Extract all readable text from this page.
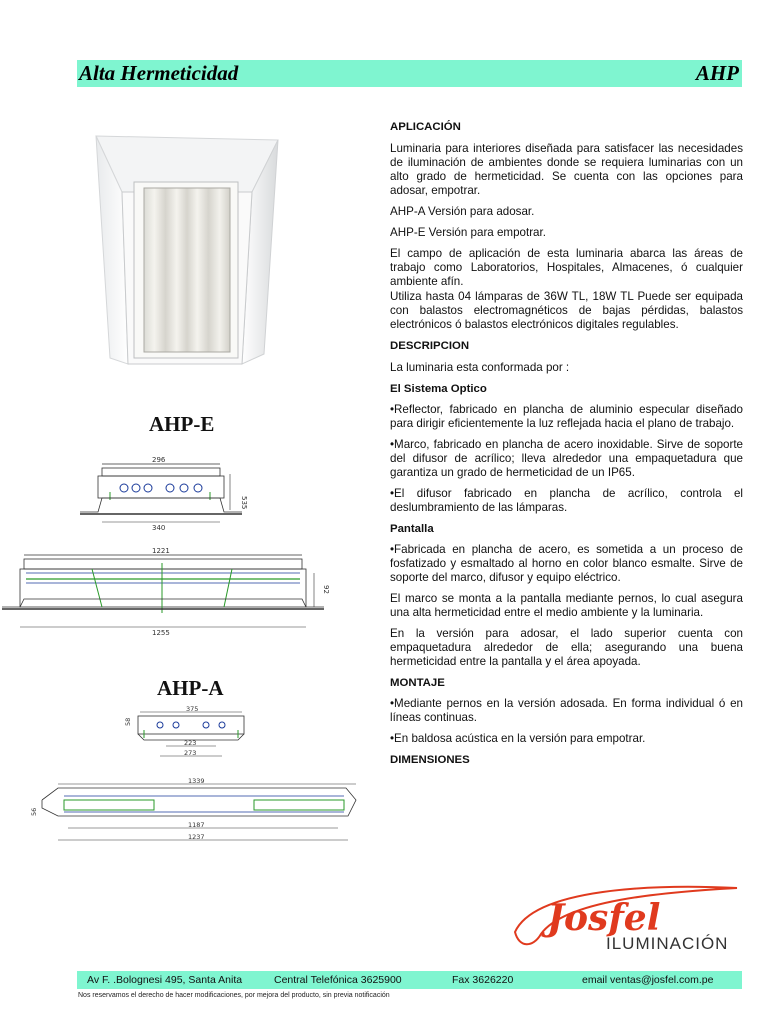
Alta Hermeticidad	AHP
AHP-E
296
535
340
1221
92
1255
AHP-A
375
58
223
273
1339
56
1187
1237
APLICACIÓN

Luminaria para interiores diseñada para satisfacer las necesidades de iluminación de ambientes donde se requiera luminarias con un alto grado de hermeticidad. Se cuenta con las opciones para adosar, empotrar.

AHP-A Versión para adosar.

AHP-E Versión para empotrar.

El campo de aplicación de esta luminaria abarca las áreas de trabajo como Laboratorios, Hospitales, Almacenes, ó cualquier ambiente afín.

Utiliza hasta 04 lámparas de 36W TL, 18W TL Puede ser equipada con balastos electromagnéticos de bajas pérdidas, balastos electrónicos ó balastos electrónicos digitales regulables.

DESCRIPCION

La luminaria esta conformada por :

El Sistema Optico

•Reflector, fabricado en plancha de aluminio especular diseñado para dirigir eficientemente la luz reflejada hacia el plano de trabajo.

•Marco, fabricado en plancha de acero inoxidable. Sirve de soporte del difusor de acrílico; lleva alrededor una empaquetadura que garantiza un grado de hermeticidad de un IP65.

•El difusor fabricado en plancha de acrílico, controla el deslumbramiento de las lámparas.

Pantalla

•Fabricada en plancha de acero, es sometida a un proceso de fosfatizado y esmaltado al horno en color blanco esmalte. Sirve de soporte del marco, difusor y equipo eléctrico.

El marco se monta a la pantalla mediante pernos, lo cual asegura una alta hermeticidad entre el medio ambiente y la luminaria.

En la versión para adosar, el lado superior cuenta con empaquetadura alrededor de ella; asegurando una buena hermeticidad entre la pantalla y el área apoyada.

MONTAJE

•Mediante pernos en la versión adosada. En forma individual ó en líneas continuas.

•En baldosa acústica en la versión para empotrar.

DIMENSIONES
Josfel
ILUMINACIÓN
Av F. .Bolognesi 495, Santa Anita	Central Telefónica 3625900	Fax 3626220	email ventas@josfel.com.pe
Nos reservamos el derecho de hacer modificaciones, por mejora del producto, sin previa notificación
